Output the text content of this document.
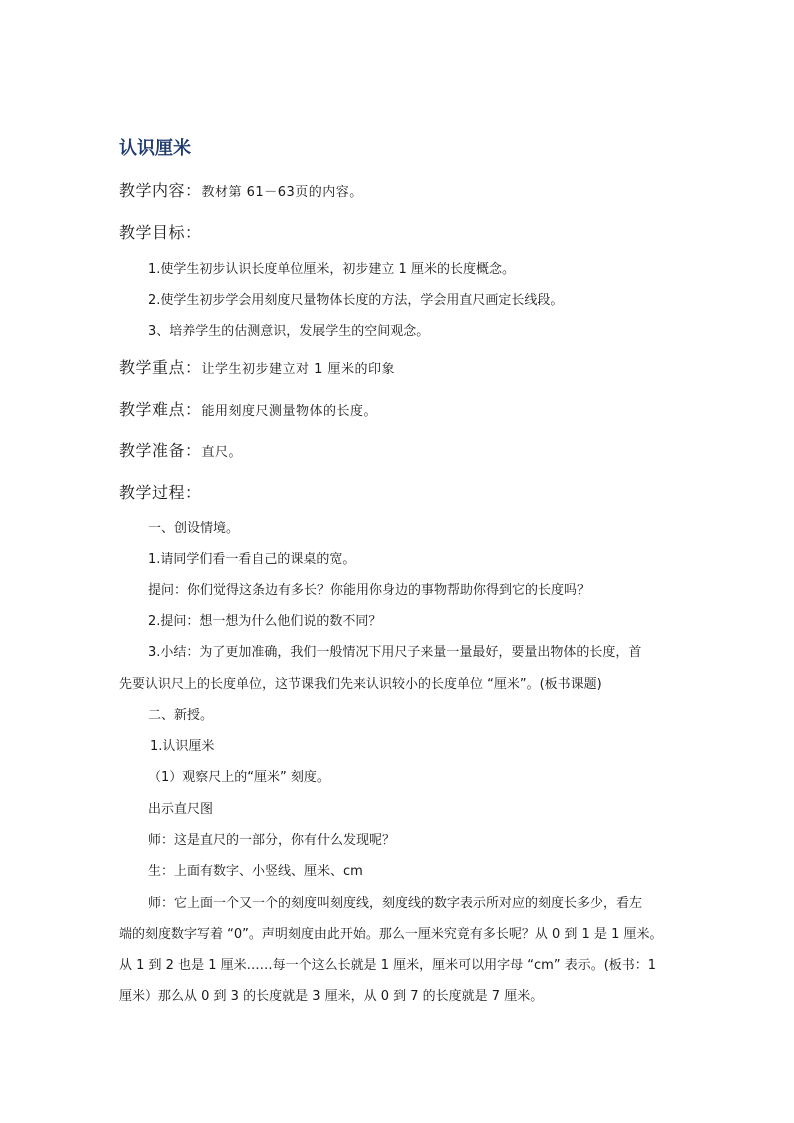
认识厘米
教学内容：教材第 61－63页的内容。
教学目标：
1.使学生初步认识长度单位厘米，初步建立 1 厘米的长度概念。
2.使学生初步学会用刻度尺量物体长度的方法，学会用直尺画定长线段。
3、培养学生的估测意识，发展学生的空间观念。
教学重点：让学生初步建立对 1 厘米的印象
教学难点：能用刻度尺测量物体的长度。
教学准备：直尺。
教学过程：
一、创设情境。
1.请同学们看一看自己的课桌的宽。
提问：你们觉得这条边有多长？你能用你身边的事物帮助你得到它的长度吗？
2.提问：想一想为什么他们说的数不同？
3.小结：为了更加准确，我们一般情况下用尺子来量一量最好，要量出物体的长度，首
先要认识尺上的长度单位，这节课我们先来认识较小的长度单位 “厘米”。(板书课题)
二、新授。
1.认识厘米
（1）观察尺上的“厘米” 刻度。
出示直尺图
师：这是直尺的一部分，你有什么发现呢？
生：上面有数字、小竖线、厘米、cm
师：它上面一个又一个的刻度叫刻度线，刻度线的数字表示所对应的刻度长多少，看左
端的刻度数字写着 “0”。声明刻度由此开始。那么一厘米究竟有多长呢？从 0 到 1 是 1 厘米。
从 1 到 2 也是 1 厘米……每一个这么长就是 1 厘米，厘米可以用字母 “cm” 表示。(板书：1
厘米）那么从 0 到 3 的长度就是 3 厘米，从 0 到 7 的长度就是 7 厘米。
